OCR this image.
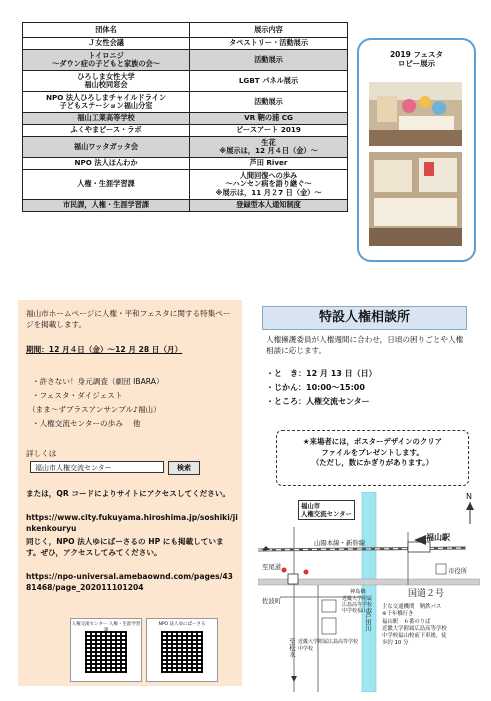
団体名	展示内容
Ｊ女性会議	タペストリー・活動展示
トイロニジ
～ダウン症の子どもと家族の会～	活動展示
ひろしま女性大学
福山校同窓会	LGBT パネル展示
NPO 法人ひろしまチャイルドライン
子どもステーション福山分室	活動展示
福山工業高等学校	VR 鞆の浦 CG
ふくやまピース・ラボ	ピースアート 2019
福山ワッタガッタ会	生花
※展示は，12 月４日（金）～
NPO 法人ほんわか	芦田 River
人権・生涯学習課	人間回復への歩み
～ハンセン病を語り継ぐ～
※展示は，11 月２7 日（金）～
市民課，人権・生涯学習課	登録型本人通知制度
2019 フェスタ
ロビー展示
福山市ホームページに人権・平和フェスタに関する特集ページを掲載します。
期間：12 月４日（金）～12 月 28 日（月）
・許さない！身元調査（劇団 IBARA）
・フェスタ・ダイジェスト
（まま～ずブラスアンサンブル♪福山）
・人権交流センターの歩み　 他
詳しくは
福山市人権交流センター	検索
または，QR コードによりサイトにアクセスしてください。
https://www.city.fukuyama.hiroshima.jp/soshiki/jinkenkouryu
同じく，NPO 法人ゆにばーさるの HP にも掲載しています。ぜひ，アクセスしてみてください。
https://npo-universal.amebaownd.com/pages/4381468/page_202011101204
人権交流センター 人権・生涯学習	NPO 法人ゆにばーさる
特設人権相談所
人権擁護委員が人権週間に合わせ，日頃の困りごとや人権相談に応じます。
・と　き：12 月 13 日（日）
・じかん：10:00～15:00
・ところ：人権交流センター
★来場者には，ポスターデザインのクリア
ファイルをプレゼントします。
（ただし，数にかぎりがあります。）
福山市
人権交流センター
山陽本線・新幹線
福山駅
N
国道２号
市役所
至尾道
佐波町
至松永
芦田川
近畿大学附属
広島高等学校
中学校福山校
近畿大学附属広島高等学校
中学校
神島橋
主な交通機関　鞆鉄バス
※千年橋行き
福山駅　６番のりば
近畿大学附属広島高等学校
中学校福山校前下車後，徒
歩約 10 分
